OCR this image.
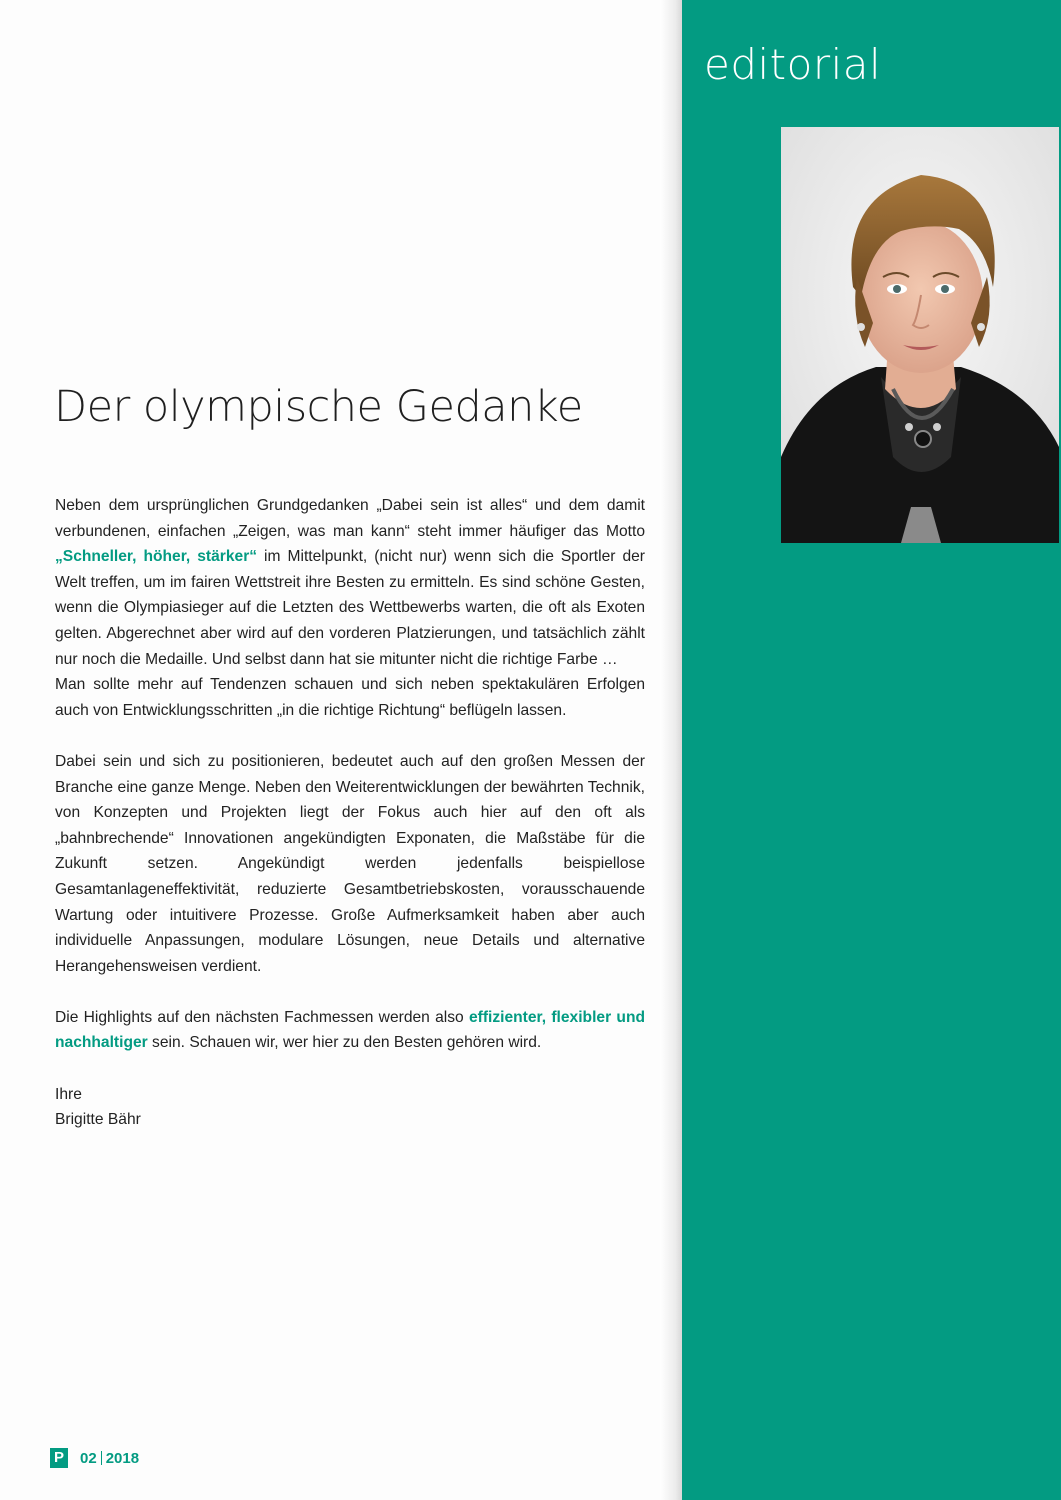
Der olympische Gedanke

Neben dem ursprünglichen Grundgedanken „Dabei sein ist alles“ und dem damit verbundenen, einfachen „Zeigen, was man kann“ steht immer häufiger das Motto „Schneller, höher, stärker“ im Mittelpunkt, (nicht nur) wenn sich die Sportler der Welt treffen, um im fairen Wettstreit ihre Besten zu ermitteln. Es sind schöne Gesten, wenn die Olympiasieger auf die Letzten des Wettbewerbs warten, die oft als Exoten gelten. Abgerechnet aber wird auf den vorderen Platzierungen, und tatsächlich zählt nur noch die Medaille. Und selbst dann hat sie mitunter nicht die richtige Farbe …

Man sollte mehr auf Tendenzen schauen und sich neben spektakulären Erfolgen auch von Entwicklungsschritten „in die richtige Richtung“ beflügeln lassen.

Dabei sein und sich zu positionieren, bedeutet auch auf den großen Messen der Branche eine ganze Menge. Neben den Weiterentwicklungen der bewährten Technik, von Konzepten und Projekten liegt der Fokus auch hier auf den oft als „bahnbrechende“ Innovationen angekündigten Exponaten, die Maßstäbe für die Zukunft setzen. Angekündigt werden jedenfalls beispiellose Gesamtanlageneffektivität, reduzierte Gesamtbetriebskosten, vorausschauende Wartung oder intuitivere Prozesse. Große Aufmerksamkeit haben aber auch individuelle Anpassungen, modulare Lösungen, neue Details und alternative Herangehensweisen verdient.

Die Highlights auf den nächsten Fachmessen werden also effizienter, flexibler und nachhaltiger sein. Schauen wir, wer hier zu den Besten gehören wird.

Ihre
Brigitte Bähr
P 02 2018
editorial
